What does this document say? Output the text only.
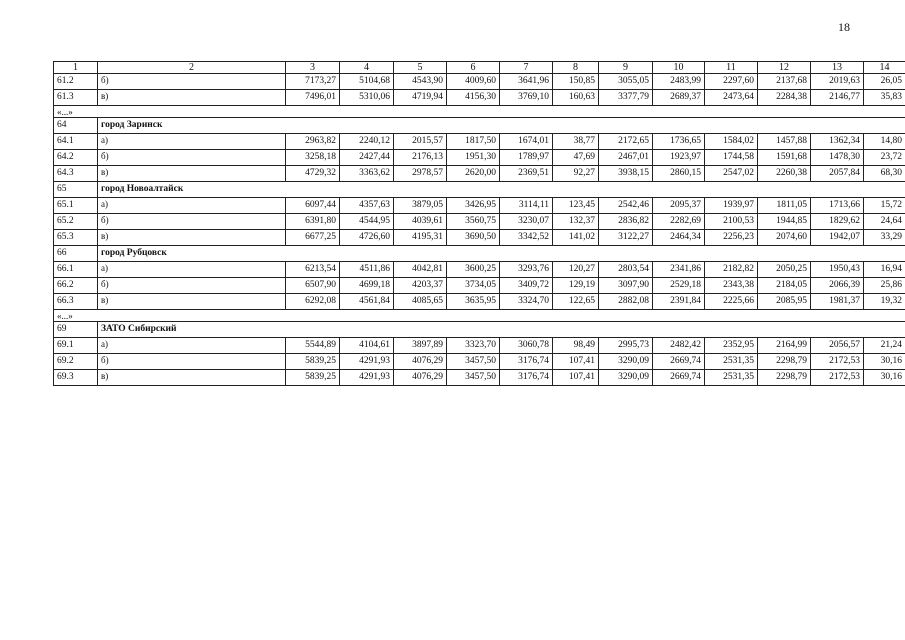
18
1	2	3	4	5	6	7	8	9	10	11	12	13	14
61.2	б)	7173,27	5104,68	4543,90	4009,60	3641,96	150,85	3055,05	2483,99	2297,60	2137,68	2019,63	26,05
61.3	в)	7496,01	5310,06	4719,94	4156,30	3769,10	160,63	3377,79	2689,37	2473,64	2284,38	2146,77	35,83
«...»													
64	город Заринск												
64.1	а)	2963,82	2240,12	2015,57	1817,50	1674,01	38,77	2172,65	1736,65	1584,02	1457,88	1362,34	14,80
64.2	б)	3258,18	2427,44	2176,13	1951,30	1789,97	47,69	2467,01	1923,97	1744,58	1591,68	1478,30	23,72
64.3	в)	4729,32	3363,62	2978,57	2620,00	2369,51	92,27	3938,15	2860,15	2547,02	2260,38	2057,84	68,30
65	город Новоалтайск												
65.1	а)	6097,44	4357,63	3879,05	3426,95	3114,11	123,45	2542,46	2095,37	1939,97	1811,05	1713,66	15,72
65.2	б)	6391,80	4544,95	4039,61	3560,75	3230,07	132,37	2836,82	2282,69	2100,53	1944,85	1829,62	24,64
65.3	в)	6677,25	4726,60	4195,31	3690,50	3342,52	141,02	3122,27	2464,34	2256,23	2074,60	1942,07	33,29
66	город Рубцовск												
66.1	а)	6213,54	4511,86	4042,81	3600,25	3293,76	120,27	2803,54	2341,86	2182,82	2050,25	1950,43	16,94
66.2	б)	6507,90	4699,18	4203,37	3734,05	3409,72	129,19	3097,90	2529,18	2343,38	2184,05	2066,39	25,86
66.3	в)	6292,08	4561,84	4085,65	3635,95	3324,70	122,65	2882,08	2391,84	2225,66	2085,95	1981,37	19,32
«...»													
69	ЗАТО Сибирский												
69.1	а)	5544,89	4104,61	3897,89	3323,70	3060,78	98,49	2995,73	2482,42	2352,95	2164,99	2056,57	21,24
69.2	б)	5839,25	4291,93	4076,29	3457,50	3176,74	107,41	3290,09	2669,74	2531,35	2298,79	2172,53	30,16
69.3	в)	5839,25	4291,93	4076,29	3457,50	3176,74	107,41	3290,09	2669,74	2531,35	2298,79	2172,53	30,16
